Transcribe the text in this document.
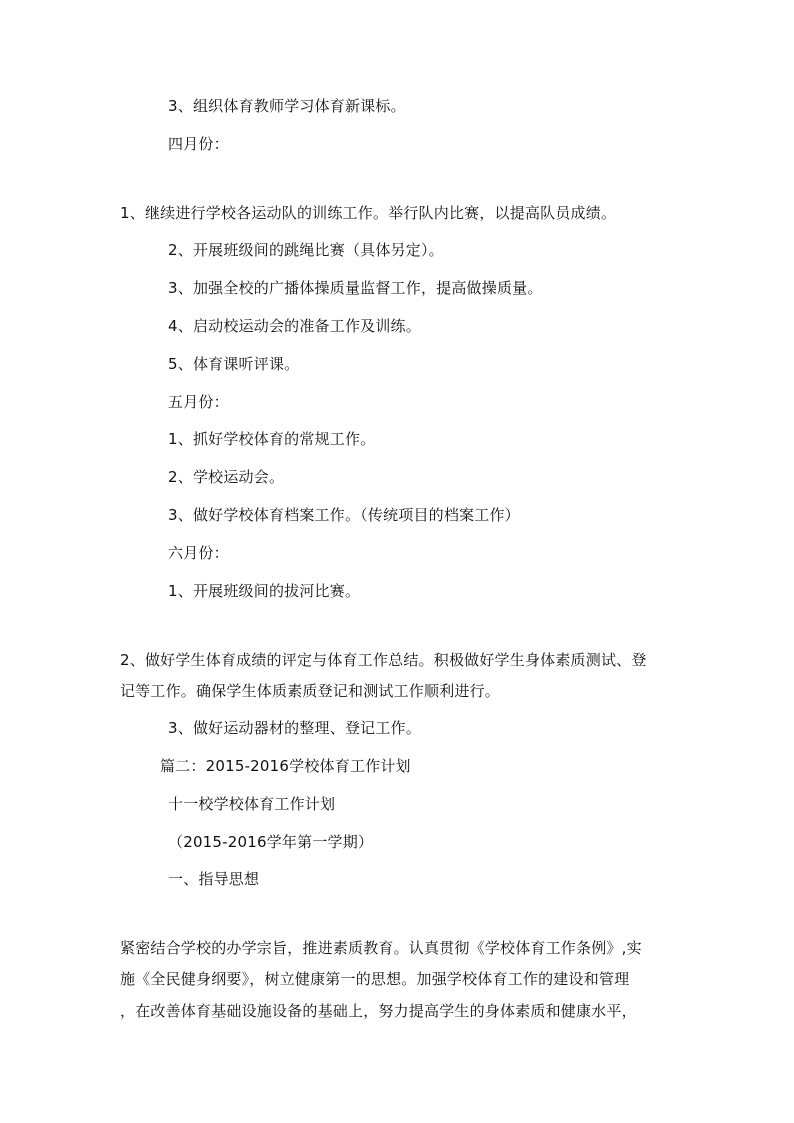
3、组织体育教师学习体育新课标。
四月份：
1、继续进行学校各运动队的训练工作。举行队内比赛，以提高队员成绩。
2、开展班级间的跳绳比赛（具体另定）。
3、加强全校的广播体操质量监督工作，提高做操质量。
4、启动校运动会的准备工作及训练。
5、体育课听评课。
五月份：
1、抓好学校体育的常规工作。
2、学校运动会。
3、做好学校体育档案工作。（传统项目的档案工作）
六月份：
1、开展班级间的拔河比赛。
2、做好学生体育成绩的评定与体育工作总结。积极做好学生身体素质测试、登
记等工作。确保学生体质素质登记和测试工作顺利进行。
3、做好运动器材的整理、登记工作。
篇二：2015-2016学校体育工作计划
十一校学校体育工作计划
（2015-2016学年第一学期）
一、指导思想
紧密结合学校的办学宗旨，推进素质教育。认真贯彻《学校体育工作条例》,实
施《全民健身纲要》，树立健康第一的思想。加强学校体育工作的建设和管理
，在改善体育基础设施设备的基础上，努力提高学生的身体素质和健康水平，
